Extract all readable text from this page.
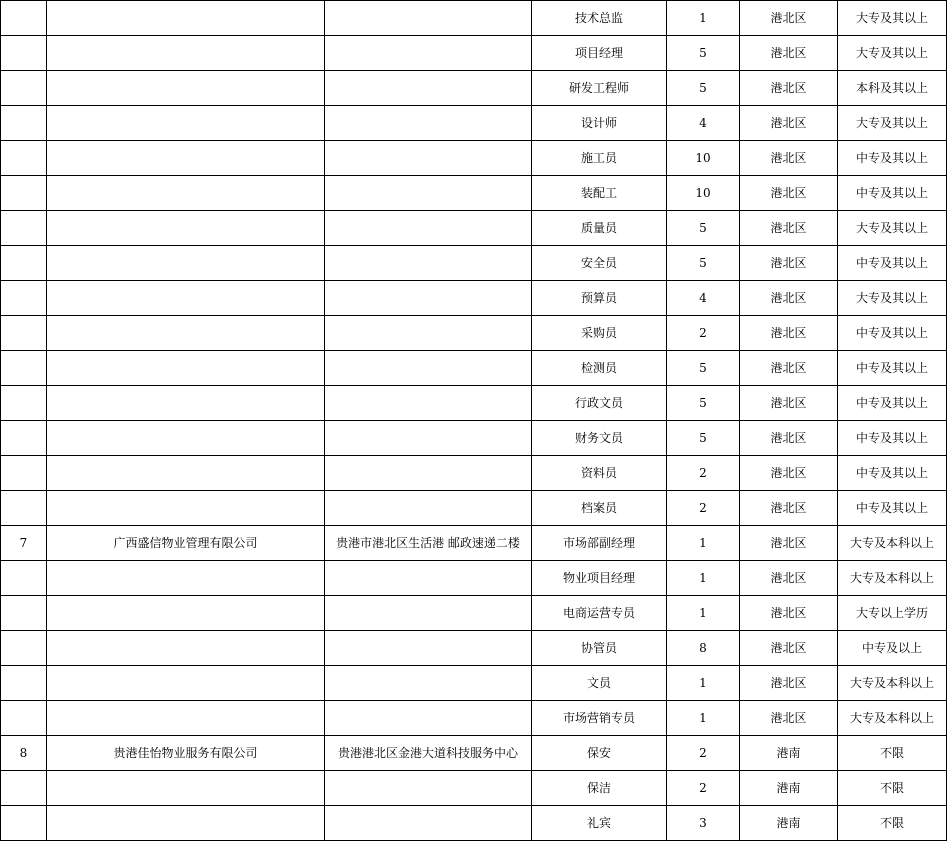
			技术总监	1	港北区	大专及其以上
			项目经理	5	港北区	大专及其以上
			研发工程师	5	港北区	本科及其以上
			设计师	4	港北区	大专及其以上
			施工员	10	港北区	中专及其以上
			装配工	10	港北区	中专及其以上
			质量员	5	港北区	大专及其以上
			安全员	5	港北区	中专及其以上
			预算员	4	港北区	大专及其以上
			采购员	2	港北区	中专及其以上
			检测员	5	港北区	中专及其以上
			行政文员	5	港北区	中专及其以上
			财务文员	5	港北区	中专及其以上
			资料员	2	港北区	中专及其以上
			档案员	2	港北区	中专及其以上
7	广西盛信物业管理有限公司	贵港市港北区生活港 邮政速递二楼	市场部副经理	1	港北区	大专及本科以上
			物业项目经理	1	港北区	大专及本科以上
			电商运营专员	1	港北区	大专以上学历
			协管员	8	港北区	中专及以上
			文员	1	港北区	大专及本科以上
			市场营销专员	1	港北区	大专及本科以上
8	贵港佳怡物业服务有限公司	贵港港北区金港大道科技服务中心	保安	2	港南	不限
			保洁	2	港南	不限
			礼宾	3	港南	不限
